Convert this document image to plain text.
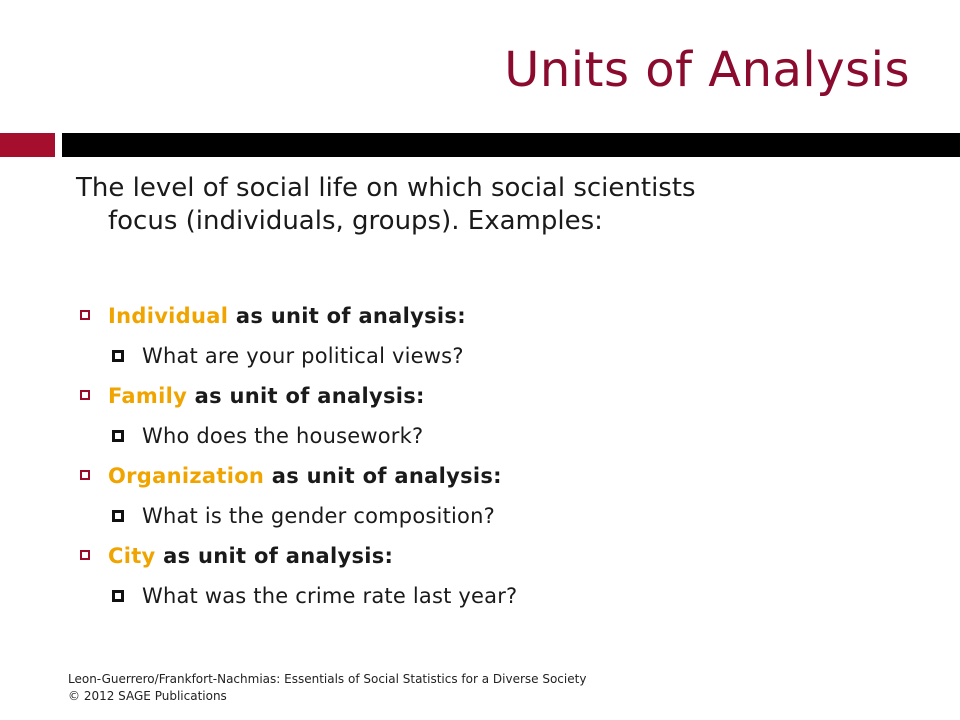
Units of Analysis
The level of social life on which social scientists
focus (individuals, groups). Examples:
Individual as unit of analysis:
What are your political views?
Family as unit of analysis:
Who does the housework?
Organization as unit of analysis:
What is the gender composition?
City as unit of analysis:
What was the crime rate last year?
Leon-Guerrero/Frankfort-Nachmias: Essentials of Social Statistics for a Diverse Society
© 2012 SAGE Publications
